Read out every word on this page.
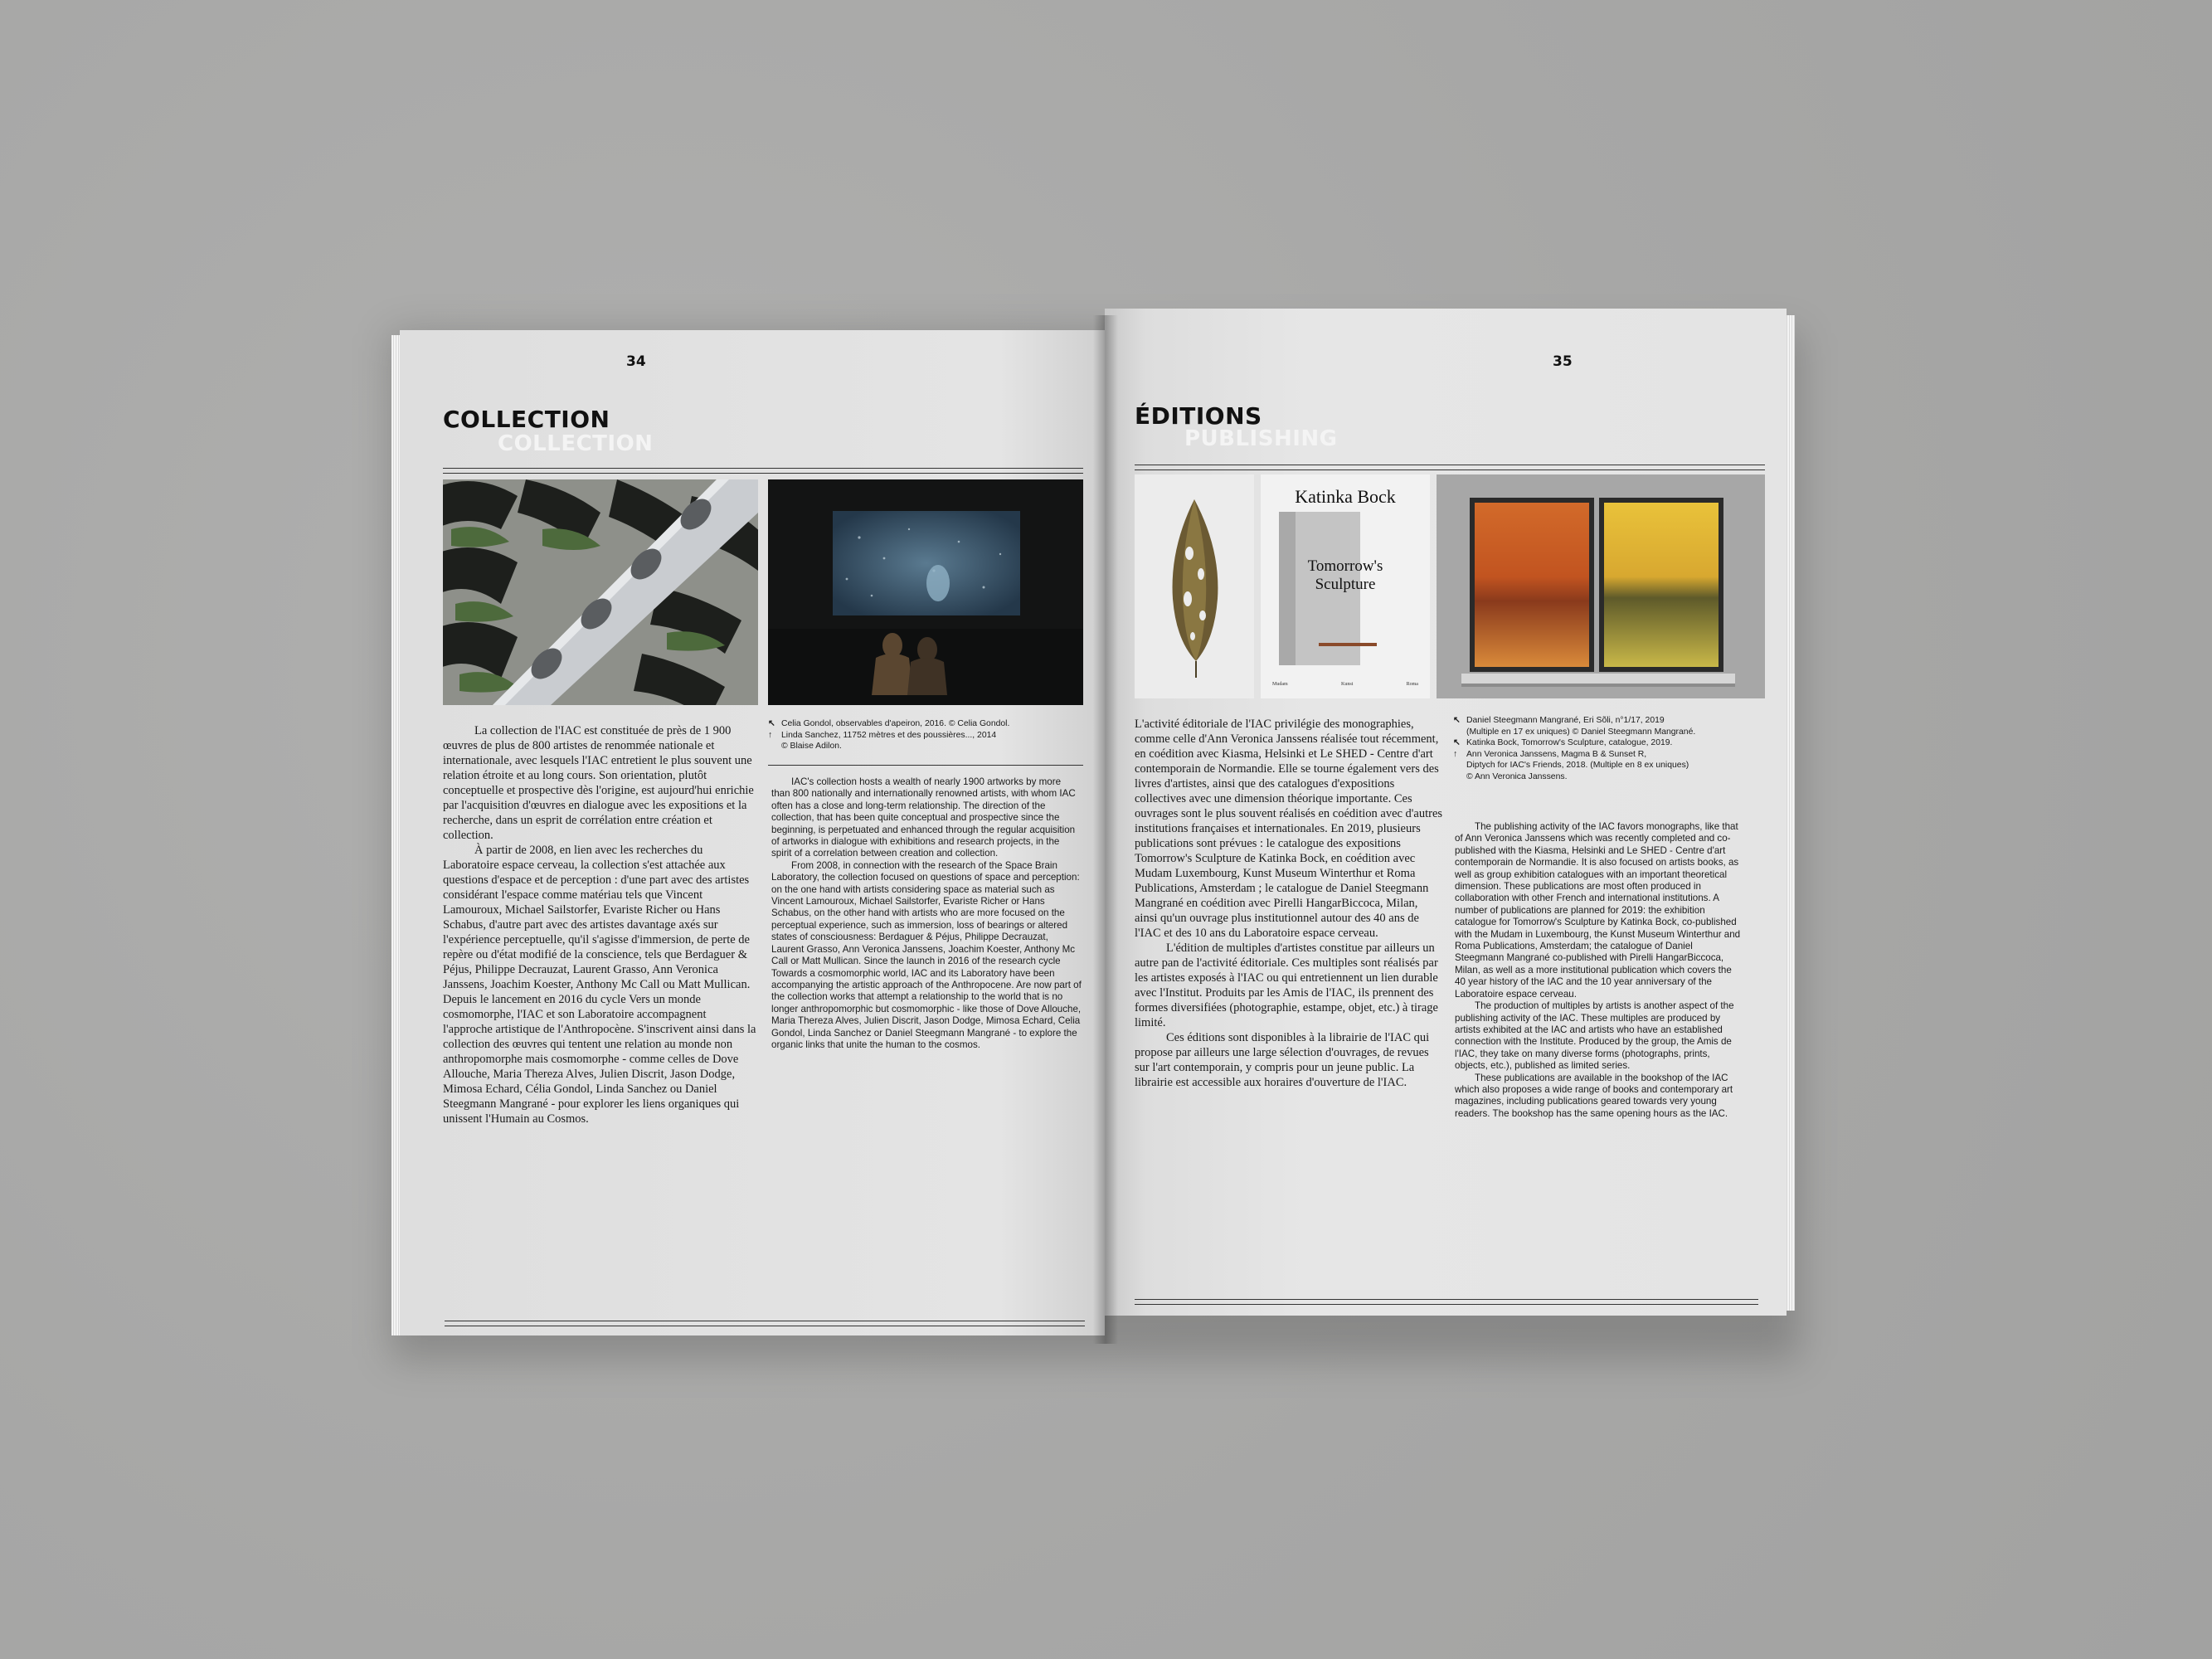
34
COLLECTION
COLLECTION
↖ Celia Gondol, observables d'apeiron, 2016. © Celia Gondol.
↑	Linda Sanchez, 11752 mètres et des poussières..., 2014
© Blaise Adilon.

La collection de l'IAC est constituée de près de 1 900 œuvres de plus de 800 artistes de renommée nationale et internationale, avec lesquels l'IAC entretient le plus souvent une relation étroite et au long cours. Son orientation, plutôt conceptuelle et prospective dès l'origine, est aujourd'hui enrichie par l'acquisition d'œuvres en dialogue avec les expositions et la recherche, dans un esprit de corrélation entre création et collection.

À partir de 2008, en lien avec les recherches du Laboratoire espace cerveau, la collection s'est attachée aux questions d'espace et de perception : d'une part avec des artistes considérant l'espace comme matériau tels que Vincent Lamouroux, Michael Sailstorfer, Evariste Richer ou Hans Schabus, d'autre part avec des artistes davantage axés sur l'expérience perceptuelle, qu'il s'agisse d'immersion, de perte de repère ou d'état modifié de la conscience, tels que Berdaguer & Péjus, Philippe Decrauzat, Laurent Grasso, Ann Veronica Janssens, Joachim Koester, Anthony Mc Call ou Matt Mullican. Depuis le lancement en 2016 du cycle Vers un monde cosmomorphe, l'IAC et son Laboratoire accompagnent l'approche artistique de l'Anthropocène. S'inscrivent ainsi dans la collection des œuvres qui tentent une relation au monde non anthropomorphe mais cosmomorphe - comme celles de Dove Allouche, Maria Thereza Alves, Julien Discrit, Jason Dodge, Mimosa Echard, Célia Gondol, Linda Sanchez ou Daniel Steegmann Mangrané - pour explorer les liens organiques qui unissent l'Humain au Cosmos.

IAC's collection hosts a wealth of nearly 1900 artworks by more than 800 nationally and internationally renowned artists, with whom IAC often has a close and long-term relationship. The direction of the collection, that has been quite conceptual and prospective since the beginning, is perpetuated and enhanced through the regular acquisition of artworks in dialogue with exhibitions and research projects, in the spirit of a correlation between creation and collection.

From 2008, in connection with the research of the Space Brain Laboratory, the collection focused on questions of space and perception: on the one hand with artists considering space as material such as Vincent Lamouroux, Michael Sailstorfer, Evariste Richer or Hans Schabus, on the other hand with artists who are more focused on the perceptual experience, such as immersion, loss of bearings or altered states of consciousness: Berdaguer & Péjus, Philippe Decrauzat, Laurent Grasso, Ann Veronica Janssens, Joachim Koester, Anthony Mc Call or Matt Mullican. Since the launch in 2016 of the research cycle Towards a cosmomorphic world, IAC and its Laboratory have been accompanying the artistic approach of the Anthropocene. Are now part of the collection works that attempt a relationship to the world that is no longer anthropomorphic but cosmomorphic - like those of Dove Allouche, Maria Thereza Alves, Julien Discrit, Jason Dodge, Mimosa Echard, Celia Gondol, Linda Sanchez or Daniel Steegmann Mangrané - to explore the organic links that unite the human to the cosmos.

35
ÉDITIONS
PUBLISHING
Katinka Bock
Tomorrow's
Sculpture
Mudam	Kunst	Roma
↖ Daniel Steegmann Mangrané, Eri Sõli, n°1/17, 2019
(Multiple en 17 ex uniques) © Daniel Steegmann Mangrané.
↖ Katinka Bock, Tomorrow's Sculpture, catalogue, 2019.
↑	Ann Veronica Janssens, Magma B & Sunset R,
Diptych for IAC's Friends, 2018. (Multiple en 8 ex uniques)
© Ann Veronica Janssens.

L'activité éditoriale de l'IAC privilégie des monographies, comme celle d'Ann Veronica Janssens réalisée tout récemment, en coédition avec Kiasma, Helsinki et Le SHED - Centre d'art contemporain de Normandie. Elle se tourne également vers des livres d'artistes, ainsi que des catalogues d'expositions collectives avec une dimension théorique importante. Ces ouvrages sont le plus souvent réalisés en coédition avec d'autres institutions françaises et internationales. En 2019, plusieurs publications sont prévues : le catalogue des expositions Tomorrow's Sculpture de Katinka Bock, en coédition avec Mudam Luxembourg, Kunst Museum Winterthur et Roma Publications, Amsterdam ; le catalogue de Daniel Steegmann Mangrané en coédition avec Pirelli HangarBiccoca, Milan, ainsi qu'un ouvrage plus institutionnel autour des 40 ans de l'IAC et des 10 ans du Laboratoire espace cerveau.

L'édition de multiples d'artistes constitue par ailleurs un autre pan de l'activité éditoriale. Ces multiples sont réalisés par les artistes exposés à l'IAC ou qui entretiennent un lien durable avec l'Institut. Produits par les Amis de l'IAC, ils prennent des formes diversifiées (photographie, estampe, objet, etc.) à tirage limité.

Ces éditions sont disponibles à la librairie de l'IAC qui propose par ailleurs une large sélection d'ouvrages, de revues sur l'art contemporain, y compris pour un jeune public. La librairie est accessible aux horaires d'ouverture de l'IAC.

The publishing activity of the IAC favors monographs, like that of Ann Veronica Janssens which was recently completed and co-published with the Kiasma, Helsinki and Le SHED - Centre d'art contemporain de Normandie. It is also focused on artists books, as well as group exhibition catalogues with an important theoretical dimension. These publications are most often produced in collaboration with other French and international institutions. A number of publications are planned for 2019: the exhibition catalogue for Tomorrow's Sculpture by Katinka Bock, co-published with the Mudam in Luxembourg, the Kunst Museum Winterthur and Roma Publications, Amsterdam; the catalogue of Daniel Steegmann Mangrané co-published with Pirelli HangarBiccoca, Milan, as well as a more institutional publication which covers the 40 year history of the IAC and the 10 year anniversary of the Laboratoire espace cerveau.

The production of multiples by artists is another aspect of the publishing activity of the IAC. These multiples are produced by artists exhibited at the IAC and artists who have an established connection with the Institute. Produced by the group, the Amis de l'IAC, they take on many diverse forms (photographs, prints, objects, etc.), published as limited series.

These publications are available in the bookshop of the IAC which also proposes a wide range of books and contemporary art magazines, including publications geared towards very young readers. The bookshop has the same opening hours as the IAC.
